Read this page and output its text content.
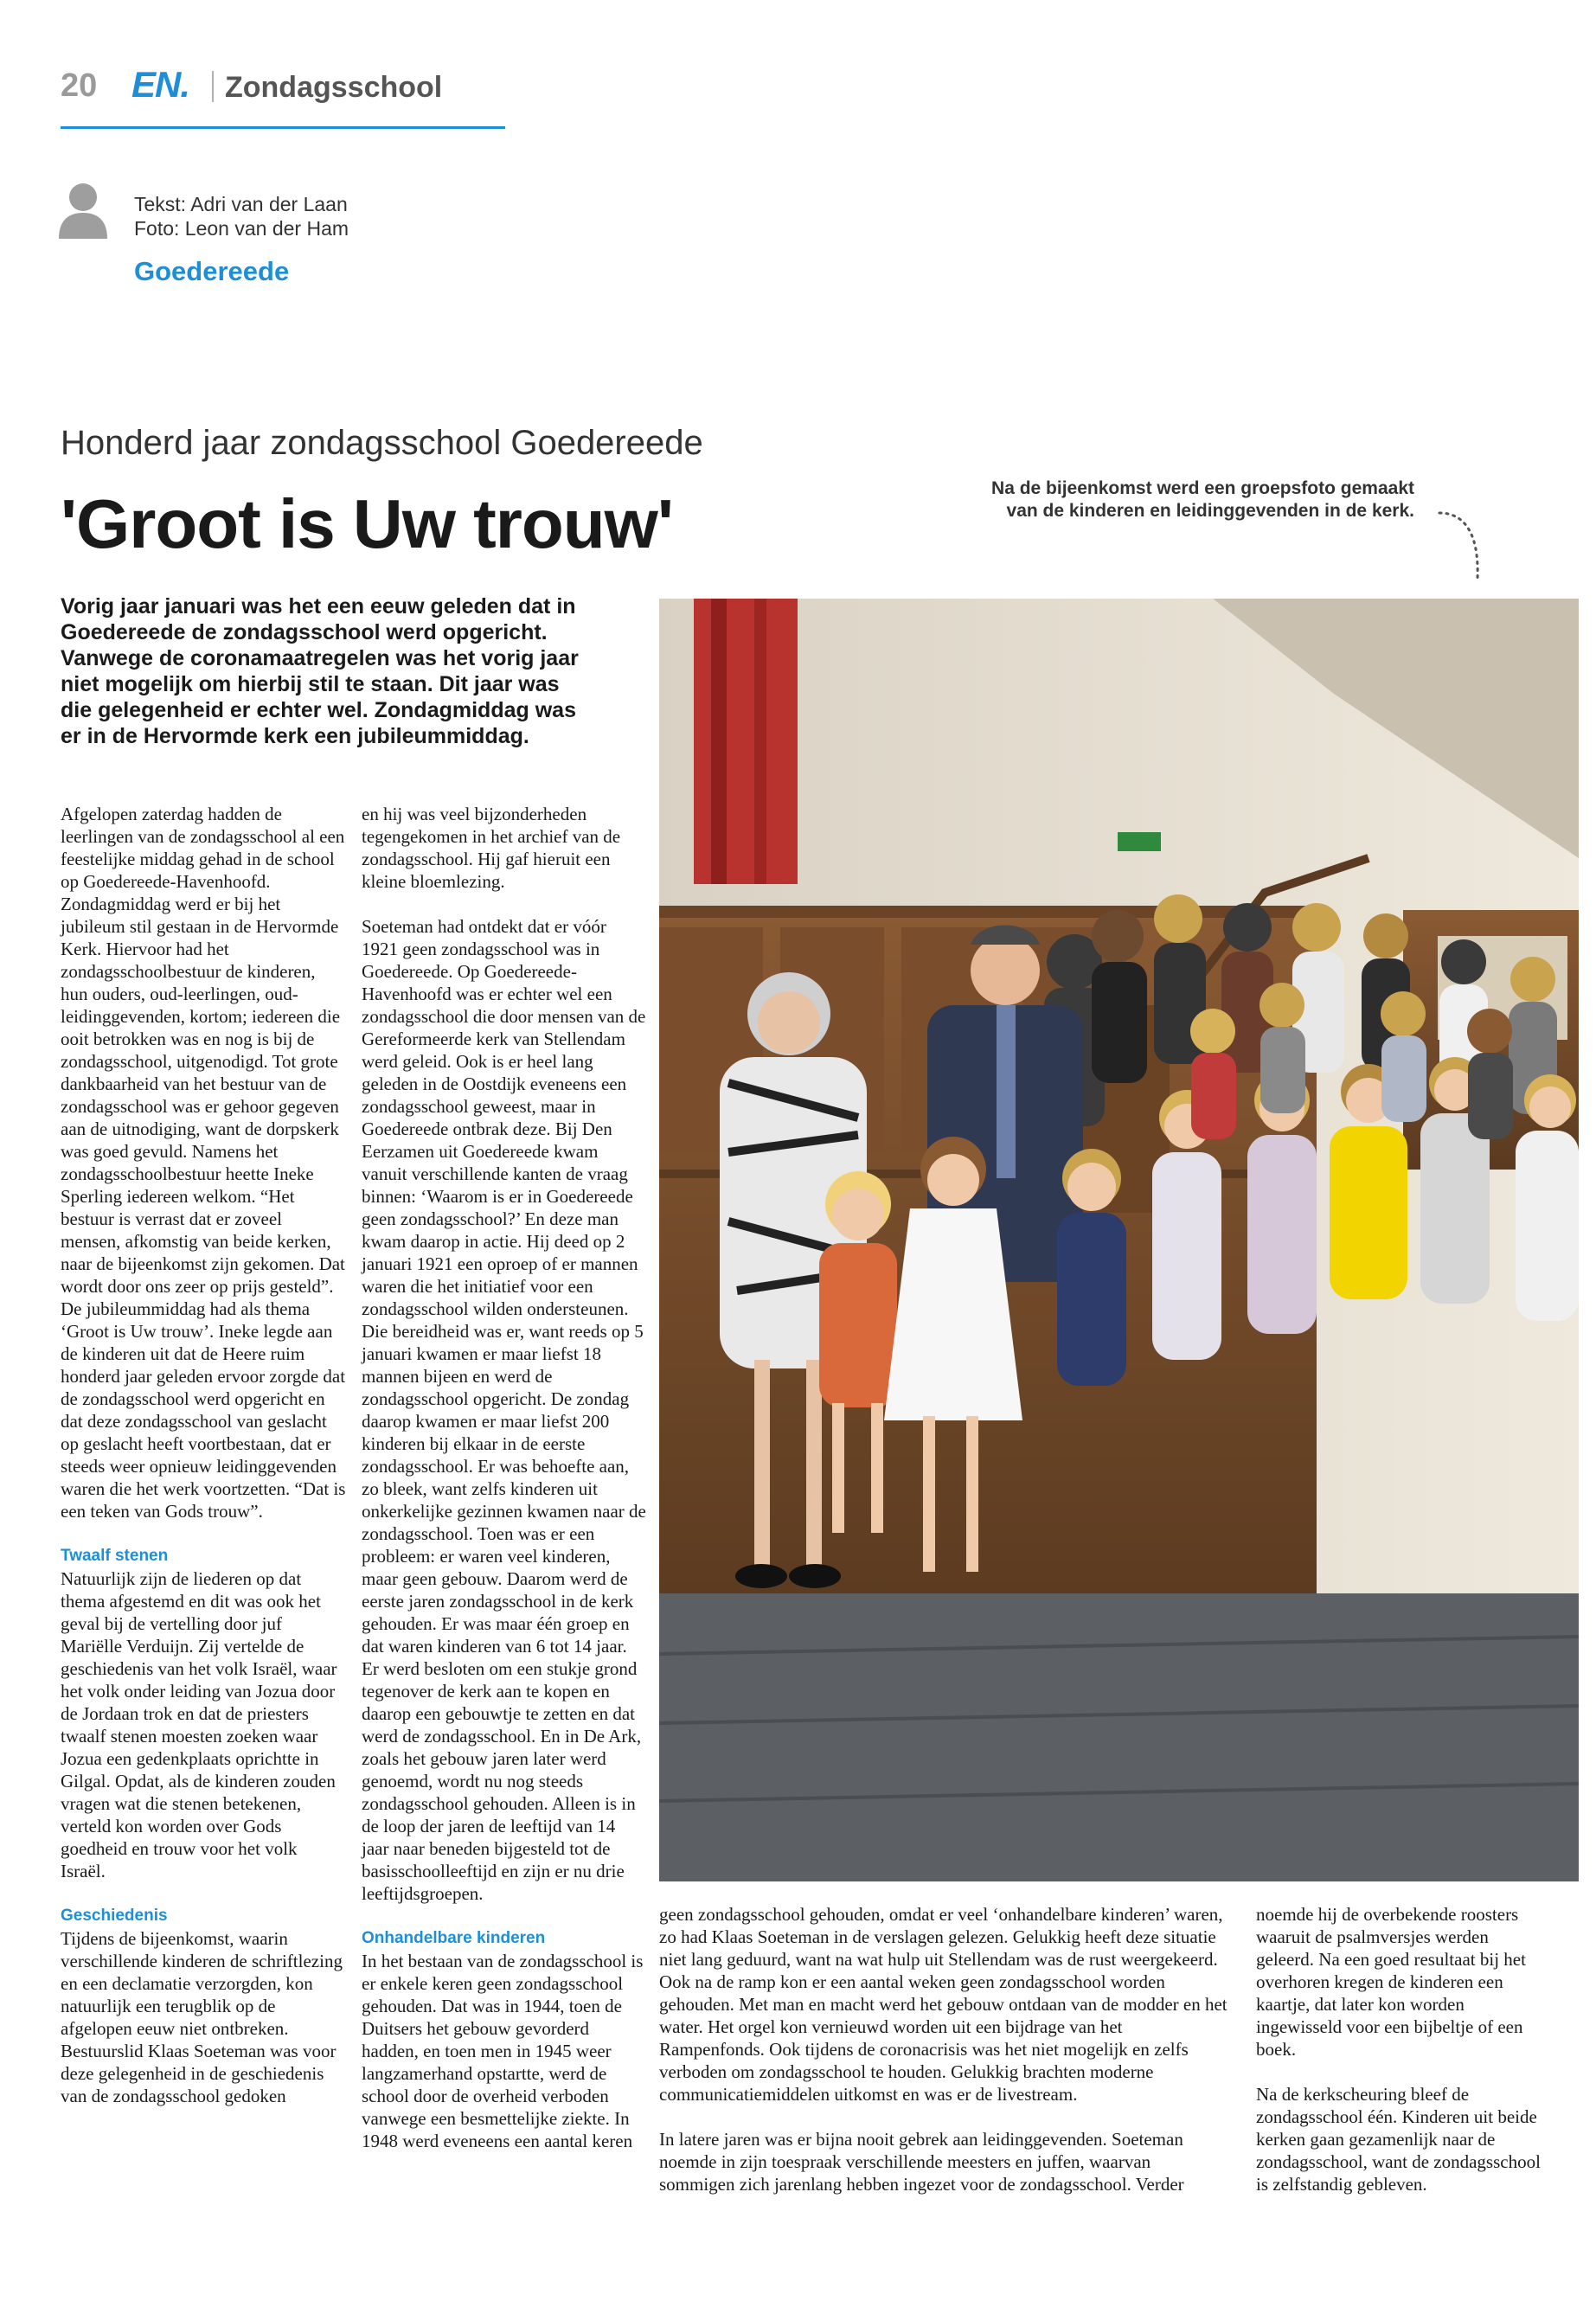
20 EN. Zondagsschool
Tekst: Adri van der Laan
Foto: Leon van der Ham
Goedereede
Honderd jaar zondagsschool Goedereede
'Groot is Uw trouw'	Na de bijeenkomst werd een groepsfoto gemaakt van de kinderen en leidinggevenden in de kerk.
Vorig jaar januari was het een eeuw geleden dat in Goedereede de zondagsschool werd opgericht. Vanwege de coronamaatregelen was het vorig jaar niet mogelijk om hierbij stil te staan. Dit jaar was die gelegenheid er echter wel. Zondagmiddag was er in de Hervormde kerk een jubileummiddag.

Afgelopen zaterdag hadden de leerlingen van de zondagsschool al een feestelijke middag gehad in de school op Goedereede-Havenhoofd. Zondagmiddag werd er bij het jubileum stil gestaan in de Hervormde Kerk. Hiervoor had het zondagsschoolbestuur de kinderen, hun ouders, oud-leerlingen, oud- leidinggevenden, kortom; iedereen die ooit betrokken was en nog is bij de zondagsschool, uitgenodigd. Tot grote dankbaarheid van het bestuur van de zondagsschool was er gehoor gegeven aan de uitnodiging, want de dorpskerk was goed gevuld. Namens het zondagsschoolbestuur heette Ineke Sperling iedereen welkom. “Het bestuur is verrast dat er zoveel mensen, afkomstig van beide kerken, naar de bijeenkomst zijn gekomen. Dat wordt door ons zeer op prijs gesteld”. De jubileummiddag had als thema ‘Groot is Uw trouw’. Ineke legde aan de kinderen uit dat de Heere ruim honderd jaar geleden ervoor zorgde dat de zondagsschool werd opgericht en dat deze zondagsschool van geslacht op geslacht heeft voortbestaan, dat er steeds weer opnieuw leidinggevenden waren die het werk voortzetten. “Dat is een teken van Gods trouw”.

Twaalf stenen

Natuurlijk zijn de liederen op dat thema afgestemd en dit was ook het geval bij de vertelling door juf Mariëlle Verduijn. Zij vertelde de geschiedenis van het volk Israël, waar het volk onder leiding van Jozua door de Jordaan trok en dat de priesters twaalf stenen moesten zoeken waar Jozua een gedenkplaats oprichtte in Gilgal. Opdat, als de kinderen zouden vragen wat die stenen betekenen, verteld kon worden over Gods goedheid en trouw voor het volk Israël.

Geschiedenis

Tijdens de bijeenkomst, waarin verschillende kinderen de schriftlezing en een declamatie verzorgden, kon natuurlijk een terugblik op de afgelopen eeuw niet ontbreken. Bestuurslid Klaas Soeteman was voor deze gelegenheid in de geschiedenis van de zondagsschool gedoken

en hij was veel bijzonderheden tegengekomen in het archief van de zondagsschool. Hij gaf hieruit een kleine bloemlezing.

Soeteman had ontdekt dat er vóór 1921 geen zondagsschool was in Goedereede. Op Goedereede-Havenhoofd was er echter wel een zondagsschool die door mensen van de Gereformeerde kerk van Stellendam werd geleid. Ook is er heel lang geleden in de Oostdijk eveneens een zondagsschool geweest, maar in Goedereede ontbrak deze. Bij Den Eerzamen uit Goedereede kwam vanuit verschillende kanten de vraag binnen: ‘Waarom is er in Goedereede geen zondagsschool?’ En deze man kwam daarop in actie. Hij deed op 2 januari 1921 een oproep of er mannen waren die het initiatief voor een zondagsschool wilden ondersteunen. Die bereidheid was er, want reeds op 5 januari kwamen er maar liefst 18 mannen bijeen en werd de zondagsschool opgericht. De zondag daarop kwamen er maar liefst 200 kinderen bij elkaar in de eerste zondagsschool. Er was behoefte aan, zo bleek, want zelfs kinderen uit onkerkelijke gezinnen kwamen naar de zondagsschool. Toen was er een probleem: er waren veel kinderen, maar geen gebouw. Daarom werd de eerste jaren zondagsschool in de kerk gehouden. Er was maar één groep en dat waren kinderen van 6 tot 14 jaar. Er werd besloten om een stukje grond tegenover de kerk aan te kopen en daarop een gebouwtje te zetten en dat werd de zondagsschool. En in De Ark, zoals het gebouw jaren later werd genoemd, wordt nu nog steeds zondagsschool gehouden. Alleen is in de loop der jaren de leeftijd van 14 jaar naar beneden bijgesteld tot de basisschoolleeftijd en zijn er nu drie leeftijdsgroepen.

Onhandelbare kinderen

In het bestaan van de zondagsschool is er enkele keren geen zondagsschool gehouden. Dat was in 1944, toen de Duitsers het gebouw gevorderd hadden, en toen men in 1945 weer langzamerhand opstartte, werd de school door de overheid verboden vanwege een besmettelijke ziekte. In 1948 werd eveneens een aantal keren

geen zondagsschool gehouden, omdat er veel ‘onhandelbare kinderen’ waren, zo had Klaas Soeteman in de verslagen gelezen. Gelukkig heeft deze situatie niet lang geduurd, want na wat hulp uit Stellendam was de rust weergekeerd. Ook na de ramp kon er een aantal weken geen zondagsschool worden gehouden. Met man en macht werd het gebouw ontdaan van de modder en het water. Het orgel kon vernieuwd worden uit een bijdrage van het Rampenfonds. Ook tijdens de coronacrisis was het niet mogelijk en zelfs verboden om zondagsschool te houden. Gelukkig brachten moderne communicatiemiddelen uitkomst en was er de livestream.

In latere jaren was er bijna nooit gebrek aan leidinggevenden. Soeteman noemde in zijn toespraak verschillende meesters en juffen, waarvan sommigen zich jarenlang hebben ingezet voor de zondagsschool. Verder

noemde hij de overbekende roosters waaruit de psalmversjes werden geleerd. Na een goed resultaat bij het overhoren kregen de kinderen een kaartje, dat later kon worden ingewisseld voor een bijbeltje of een boek.

Na de kerkscheuring bleef de zondagsschool één. Kinderen uit beide kerken gaan gezamenlijk naar de zondagsschool, want de zondagsschool is zelfstandig gebleven.
